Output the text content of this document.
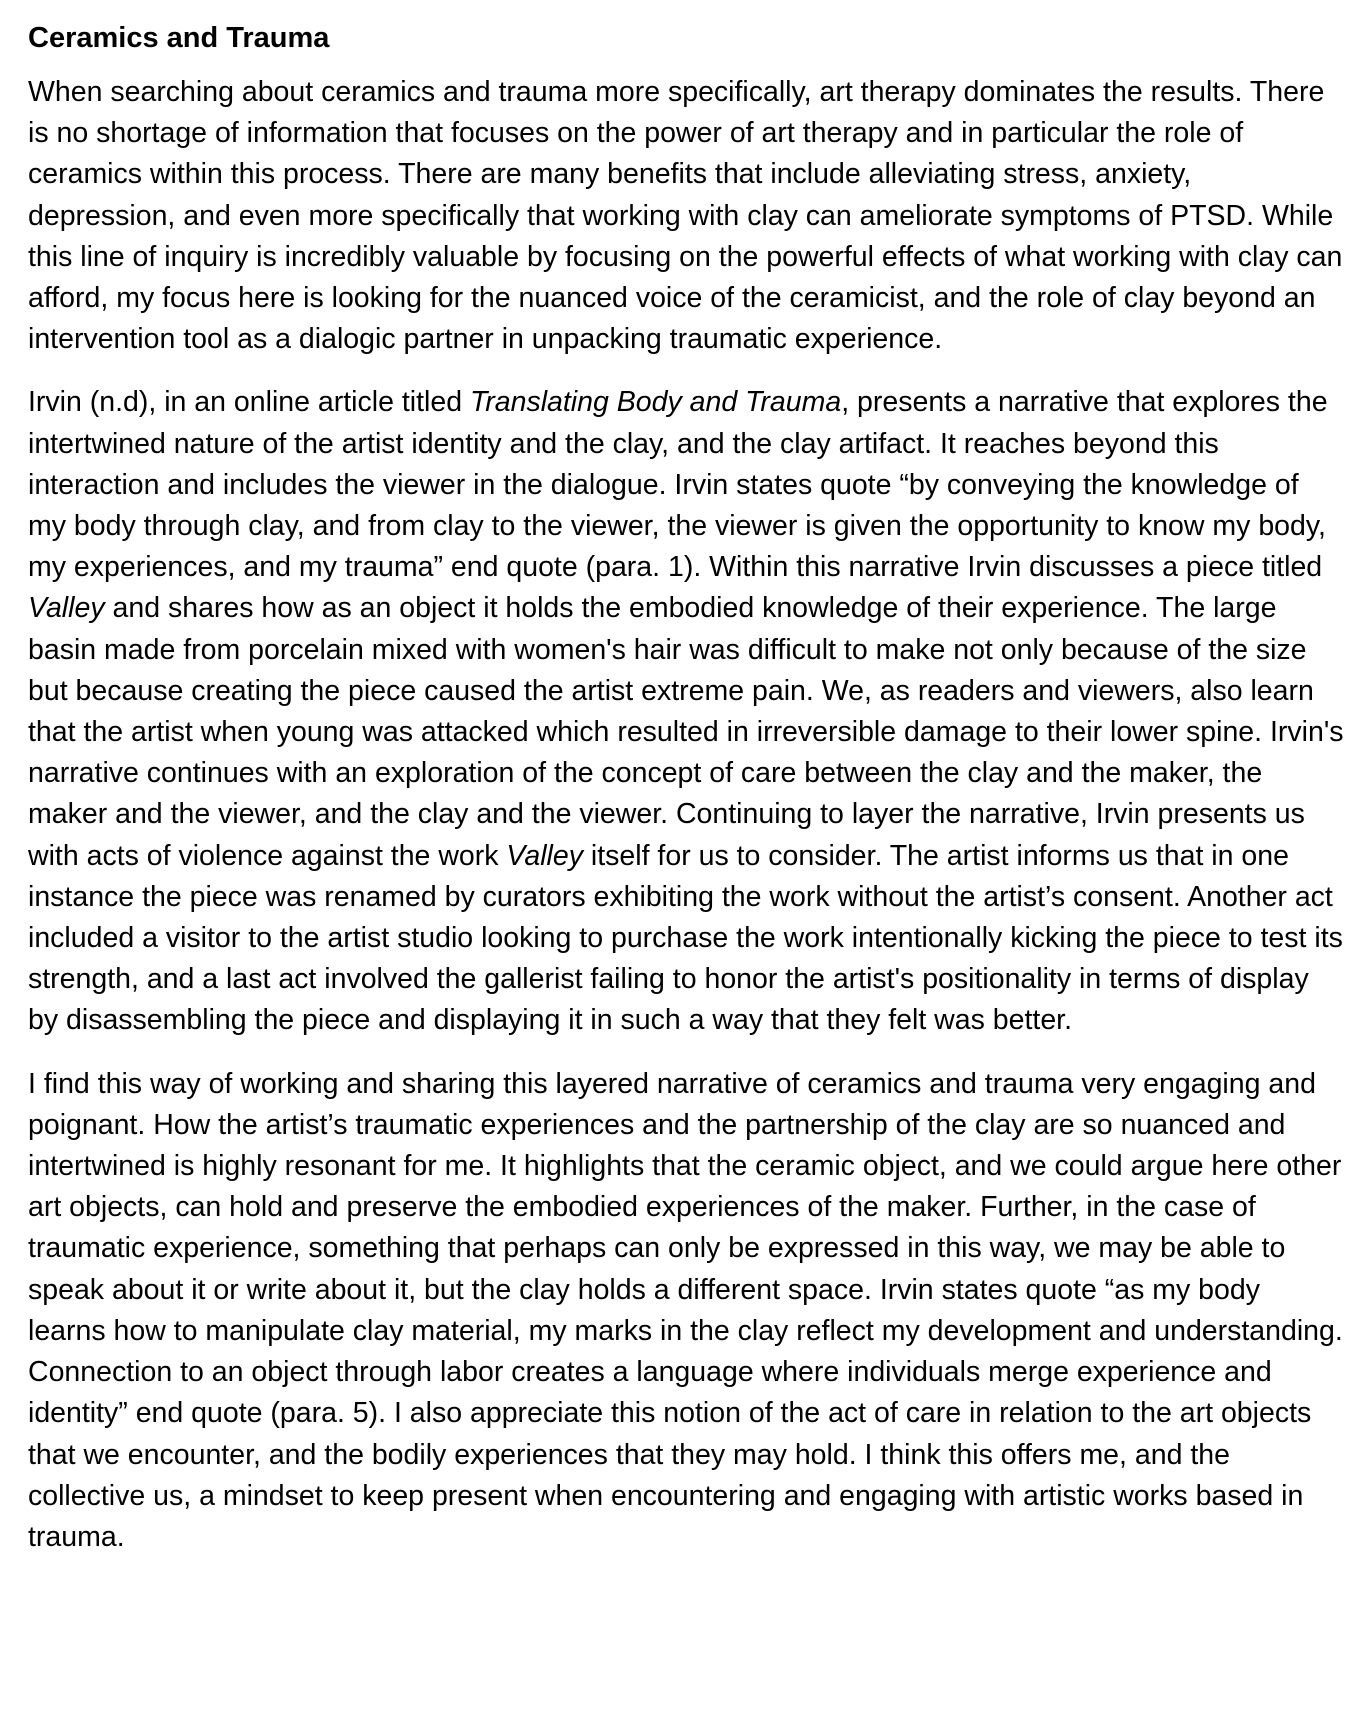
Ceramics and Trauma

When searching about ceramics and trauma more specifically, art therapy dominates the results. There is no shortage of information that focuses on the power of art therapy and in particular the role of ceramics within this process. There are many benefits that include alleviating stress, anxiety, depression, and even more specifically that working with clay can ameliorate symptoms of PTSD. While this line of inquiry is incredibly valuable by focusing on the powerful effects of what working with clay can afford, my focus here is looking for the nuanced voice of the ceramicist, and the role of clay beyond an intervention tool as a dialogic partner in unpacking traumatic experience.

Irvin (n.d), in an online article titled Translating Body and Trauma, presents a narrative that explores the intertwined nature of the artist identity and the clay, and the clay artifact. It reaches beyond this interaction and includes the viewer in the dialogue. Irvin states quote “by conveying the knowledge of my body through clay, and from clay to the viewer, the viewer is given the opportunity to know my body, my experiences, and my trauma” end quote (para. 1). Within this narrative Irvin discusses a piece titled Valley and shares how as an object it holds the embodied knowledge of their experience. The large basin made from porcelain mixed with women's hair was difficult to make not only because of the size but because creating the piece caused the artist extreme pain. We, as readers and viewers, also learn that the artist when young was attacked which resulted in irreversible damage to their lower spine. Irvin's narrative continues with an exploration of the concept of care between the clay and the maker, the maker and the viewer, and the clay and the viewer. Continuing to layer the narrative, Irvin presents us with acts of violence against the work Valley itself for us to consider. The artist informs us that in one instance the piece was renamed by curators exhibiting the work without the artist’s consent. Another act included a visitor to the artist studio looking to purchase the work intentionally kicking the piece to test its strength, and a last act involved the gallerist failing to honor the artist's positionality in terms of display by disassembling the piece and displaying it in such a way that they felt was better.

I find this way of working and sharing this layered narrative of ceramics and trauma very engaging and poignant. How the artist’s traumatic experiences and the partnership of the clay are so nuanced and intertwined is highly resonant for me. It highlights that the ceramic object, and we could argue here other art objects, can hold and preserve the embodied experiences of the maker. Further, in the case of traumatic experience, something that perhaps can only be expressed in this way, we may be able to speak about it or write about it, but the clay holds a different space. Irvin states quote “as my body learns how to manipulate clay material, my marks in the clay reflect my development and understanding. Connection to an object through labor creates a language where individuals merge experience and identity” end quote (para. 5). I also appreciate this notion of the act of care in relation to the art objects that we encounter, and the bodily experiences that they may hold. I think this offers me, and the collective us, a mindset to keep present when encountering and engaging with artistic works based in trauma.
